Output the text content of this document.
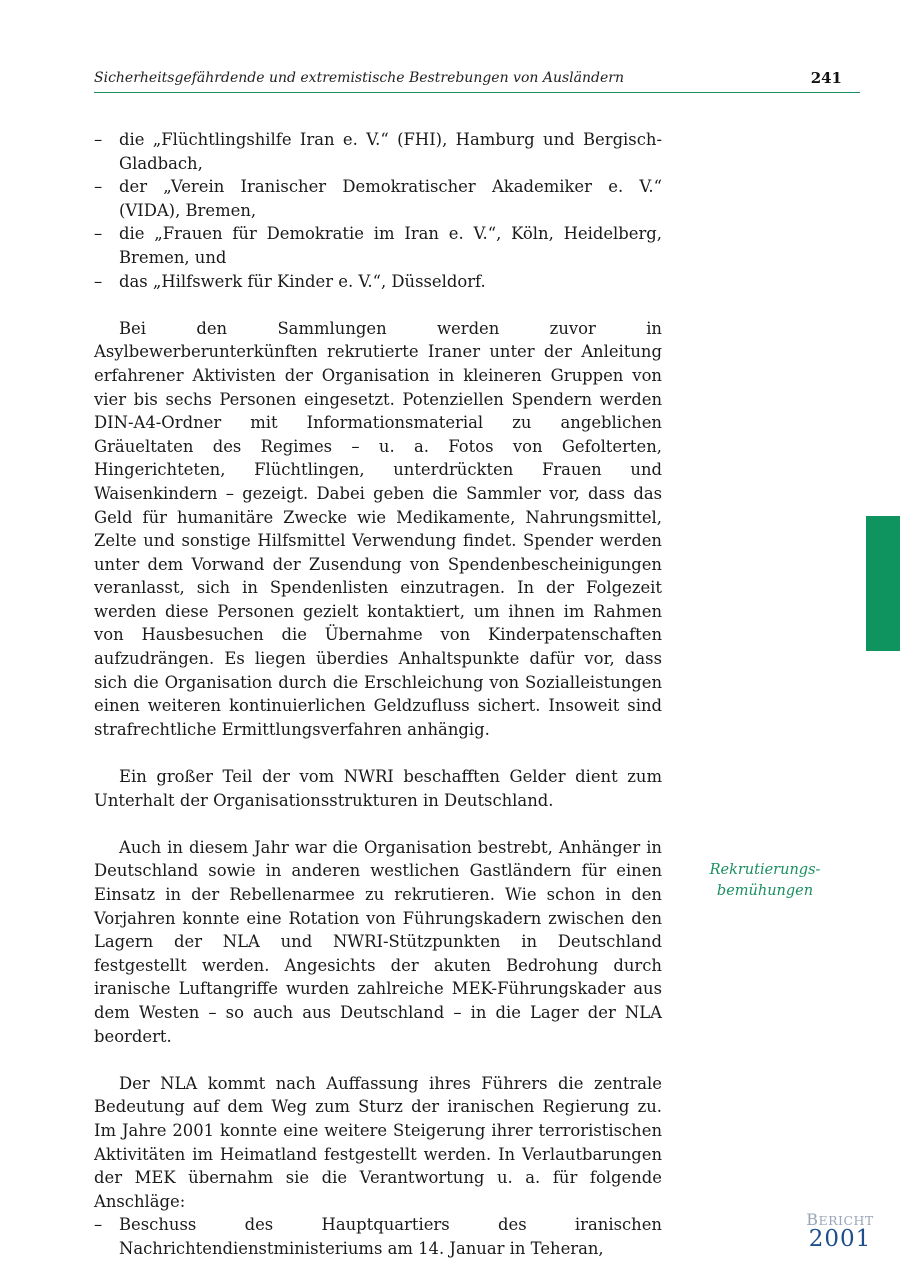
Sicherheitsgefährdende und extremistische Bestrebungen von Ausländern	241
– die „Flüchtlingshilfe Iran e. V.“ (FHI), Hamburg und Bergisch-Gladbach,
– der „Verein Iranischer Demokratischer Akademiker e. V.“ (VIDA), Bremen,
– die „Frauen für Demokratie im Iran e. V.“, Köln, Heidelberg, Bremen, und
– das „Hilfswerk für Kinder e. V.“, Düsseldorf.

Bei den Sammlungen werden zuvor in Asylbewerberunterkünften rekrutierte Iraner unter der Anleitung erfahrener Aktivisten der Organisation in kleineren Gruppen von vier bis sechs Personen eingesetzt. Potenziellen Spendern werden DIN-A4-Ordner mit Informationsmaterial zu angeblichen Gräueltaten des Regimes – u. a. Fotos von Gefolterten, Hingerichteten, Flüchtlingen, unterdrückten Frauen und Waisenkindern – gezeigt. Dabei geben die Sammler vor, dass das Geld für humanitäre Zwecke wie Medikamente, Nahrungsmittel, Zelte und sonstige Hilfsmittel Verwendung findet. Spender werden unter dem Vorwand der Zusendung von Spendenbescheinigungen veranlasst, sich in Spendenlisten einzutragen. In der Folgezeit werden diese Personen gezielt kontaktiert, um ihnen im Rahmen von Hausbesuchen die Übernahme von Kinderpatenschaften aufzudrängen. Es liegen überdies Anhaltspunkte dafür vor, dass sich die Organisation durch die Erschleichung von Sozialleistungen einen weiteren kontinuierlichen Geldzufluss sichert. Insoweit sind strafrechtliche Ermittlungsverfahren anhängig.

Ein großer Teil der vom NWRI beschafften Gelder dient zum Unterhalt der Organisationsstrukturen in Deutschland.

Auch in diesem Jahr war die Organisation bestrebt, Anhänger in Deutschland sowie in anderen westlichen Gastländern für einen Einsatz in der Rebellenarmee zu rekrutieren. Wie schon in den Vorjahren konnte eine Rotation von Führungskadern zwischen den Lagern der NLA und NWRI-Stützpunkten in Deutschland festgestellt werden. Angesichts der akuten Bedrohung durch iranische Luftangriffe wurden zahlreiche MEK-Führungskader aus dem Westen – so auch aus Deutschland – in die Lager der NLA beordert.

Der NLA kommt nach Auffassung ihres Führers die zentrale Bedeutung auf dem Weg zum Sturz der iranischen Regierung zu. Im Jahre 2001 konnte eine weitere Steigerung ihrer terroristischen Aktivitäten im Heimatland festgestellt werden. In Verlautbarungen der MEK übernahm sie die Verantwortung u. a. für folgende Anschläge:

– Beschuss des Hauptquartiers des iranischen Nachrichtendienstministeriums am 14. Januar in Teheran,
Rekrutierungs-
bemühungen
BERICHT
2001
